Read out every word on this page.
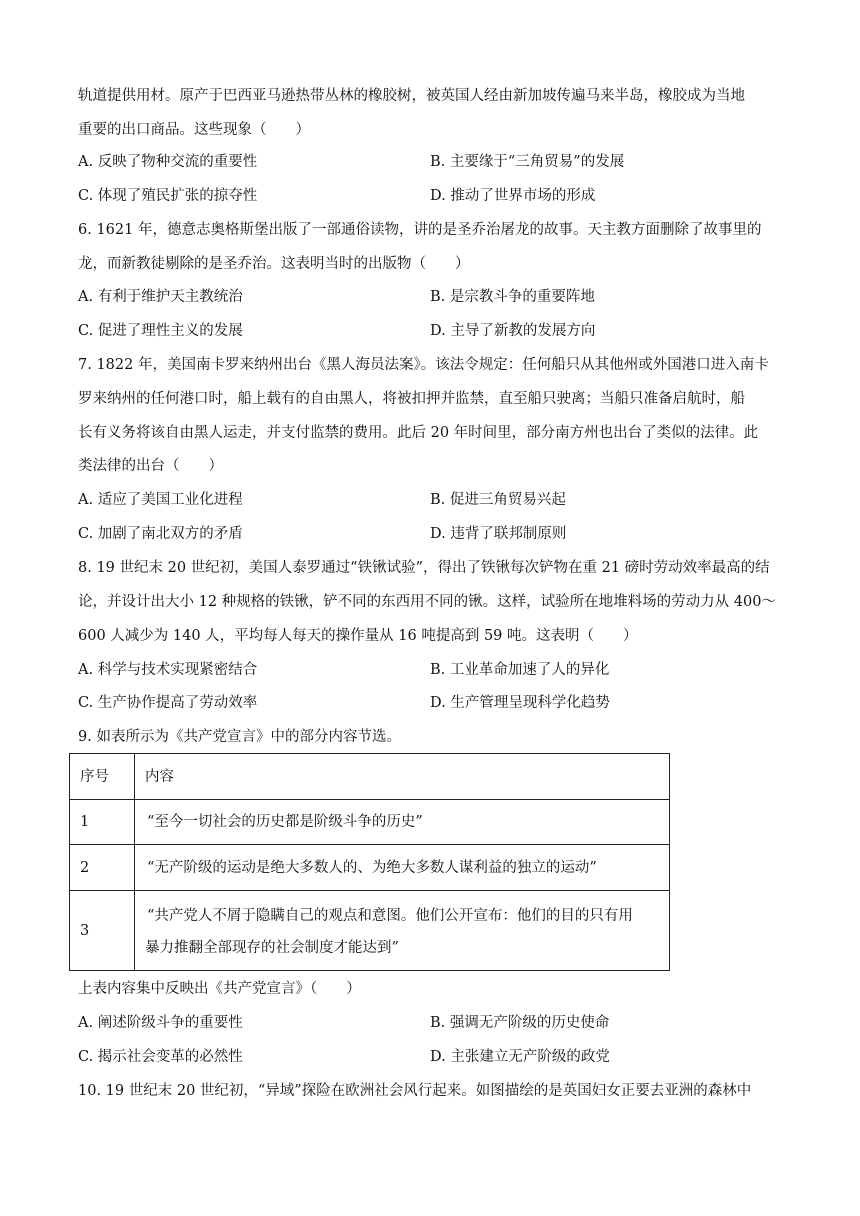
轨道提供用材。原产于巴西亚马逊热带丛林的橡胶树，被英国人经由新加坡传遍马来半岛，橡胶成为当地
重要的出口商品。这些现象（　　）
A. 反映了物种交流的重要性	B. 主要缘于“三角贸易”的发展
C. 体现了殖民扩张的掠夺性	D. 推动了世界市场的形成
6. 1621 年，德意志奥格斯堡出版了一部通俗读物，讲的是圣乔治屠龙的故事。天主教方面删除了故事里的
龙，而新教徒剔除的是圣乔治。这表明当时的出版物（　　）
A. 有利于维护天主教统治	B. 是宗教斗争的重要阵地
C. 促进了理性主义的发展	D. 主导了新教的发展方向
7. 1822 年，美国南卡罗来纳州出台《黑人海员法案》。该法令规定：任何船只从其他州或外国港口进入南卡
罗来纳州的任何港口时，船上载有的自由黑人，将被扣押并监禁，直至船只驶离；当船只准备启航时，船
长有义务将该自由黑人运走，并支付监禁的费用。此后 20 年时间里，部分南方州也出台了类似的法律。此
类法律的出台（　　）
A. 适应了美国工业化进程	B. 促进三角贸易兴起
C. 加剧了南北双方的矛盾	D. 违背了联邦制原则
8. 19 世纪末 20 世纪初，美国人泰罗通过“铁锹试验”，得出了铁锹每次铲物在重 21 磅时劳动效率最高的结
论，并设计出大小 12 种规格的铁锹，铲不同的东西用不同的锹。这样，试验所在地堆料场的劳动力从 400～
600 人减少为 140 人，平均每人每天的操作量从 16 吨提高到 59 吨。这表明（　　）
A. 科学与技术实现紧密结合	B. 工业革命加速了人的异化
C. 生产协作提高了劳动效率	D. 生产管理呈现科学化趋势
9. 如表所示为《共产党宣言》中的部分内容节选。
序号	内容
1	“至今一切社会的历史都是阶级斗争的历史”
2	“无产阶级的运动是绝大多数人的、为绝大多数人谋利益的独立的运动”
3	“共产党人不屑于隐瞒自己的观点和意图。他们公开宣布：他们的目的只有用
暴力推翻全部现存的社会制度才能达到”
上表内容集中反映出《共产党宣言》（　　）
A. 阐述阶级斗争的重要性	B. 强调无产阶级的历史使命
C. 揭示社会变革的必然性	D. 主张建立无产阶级的政党
10. 19 世纪末 20 世纪初，“异域”探险在欧洲社会风行起来。如图描绘的是英国妇女正要去亚洲的森林中
